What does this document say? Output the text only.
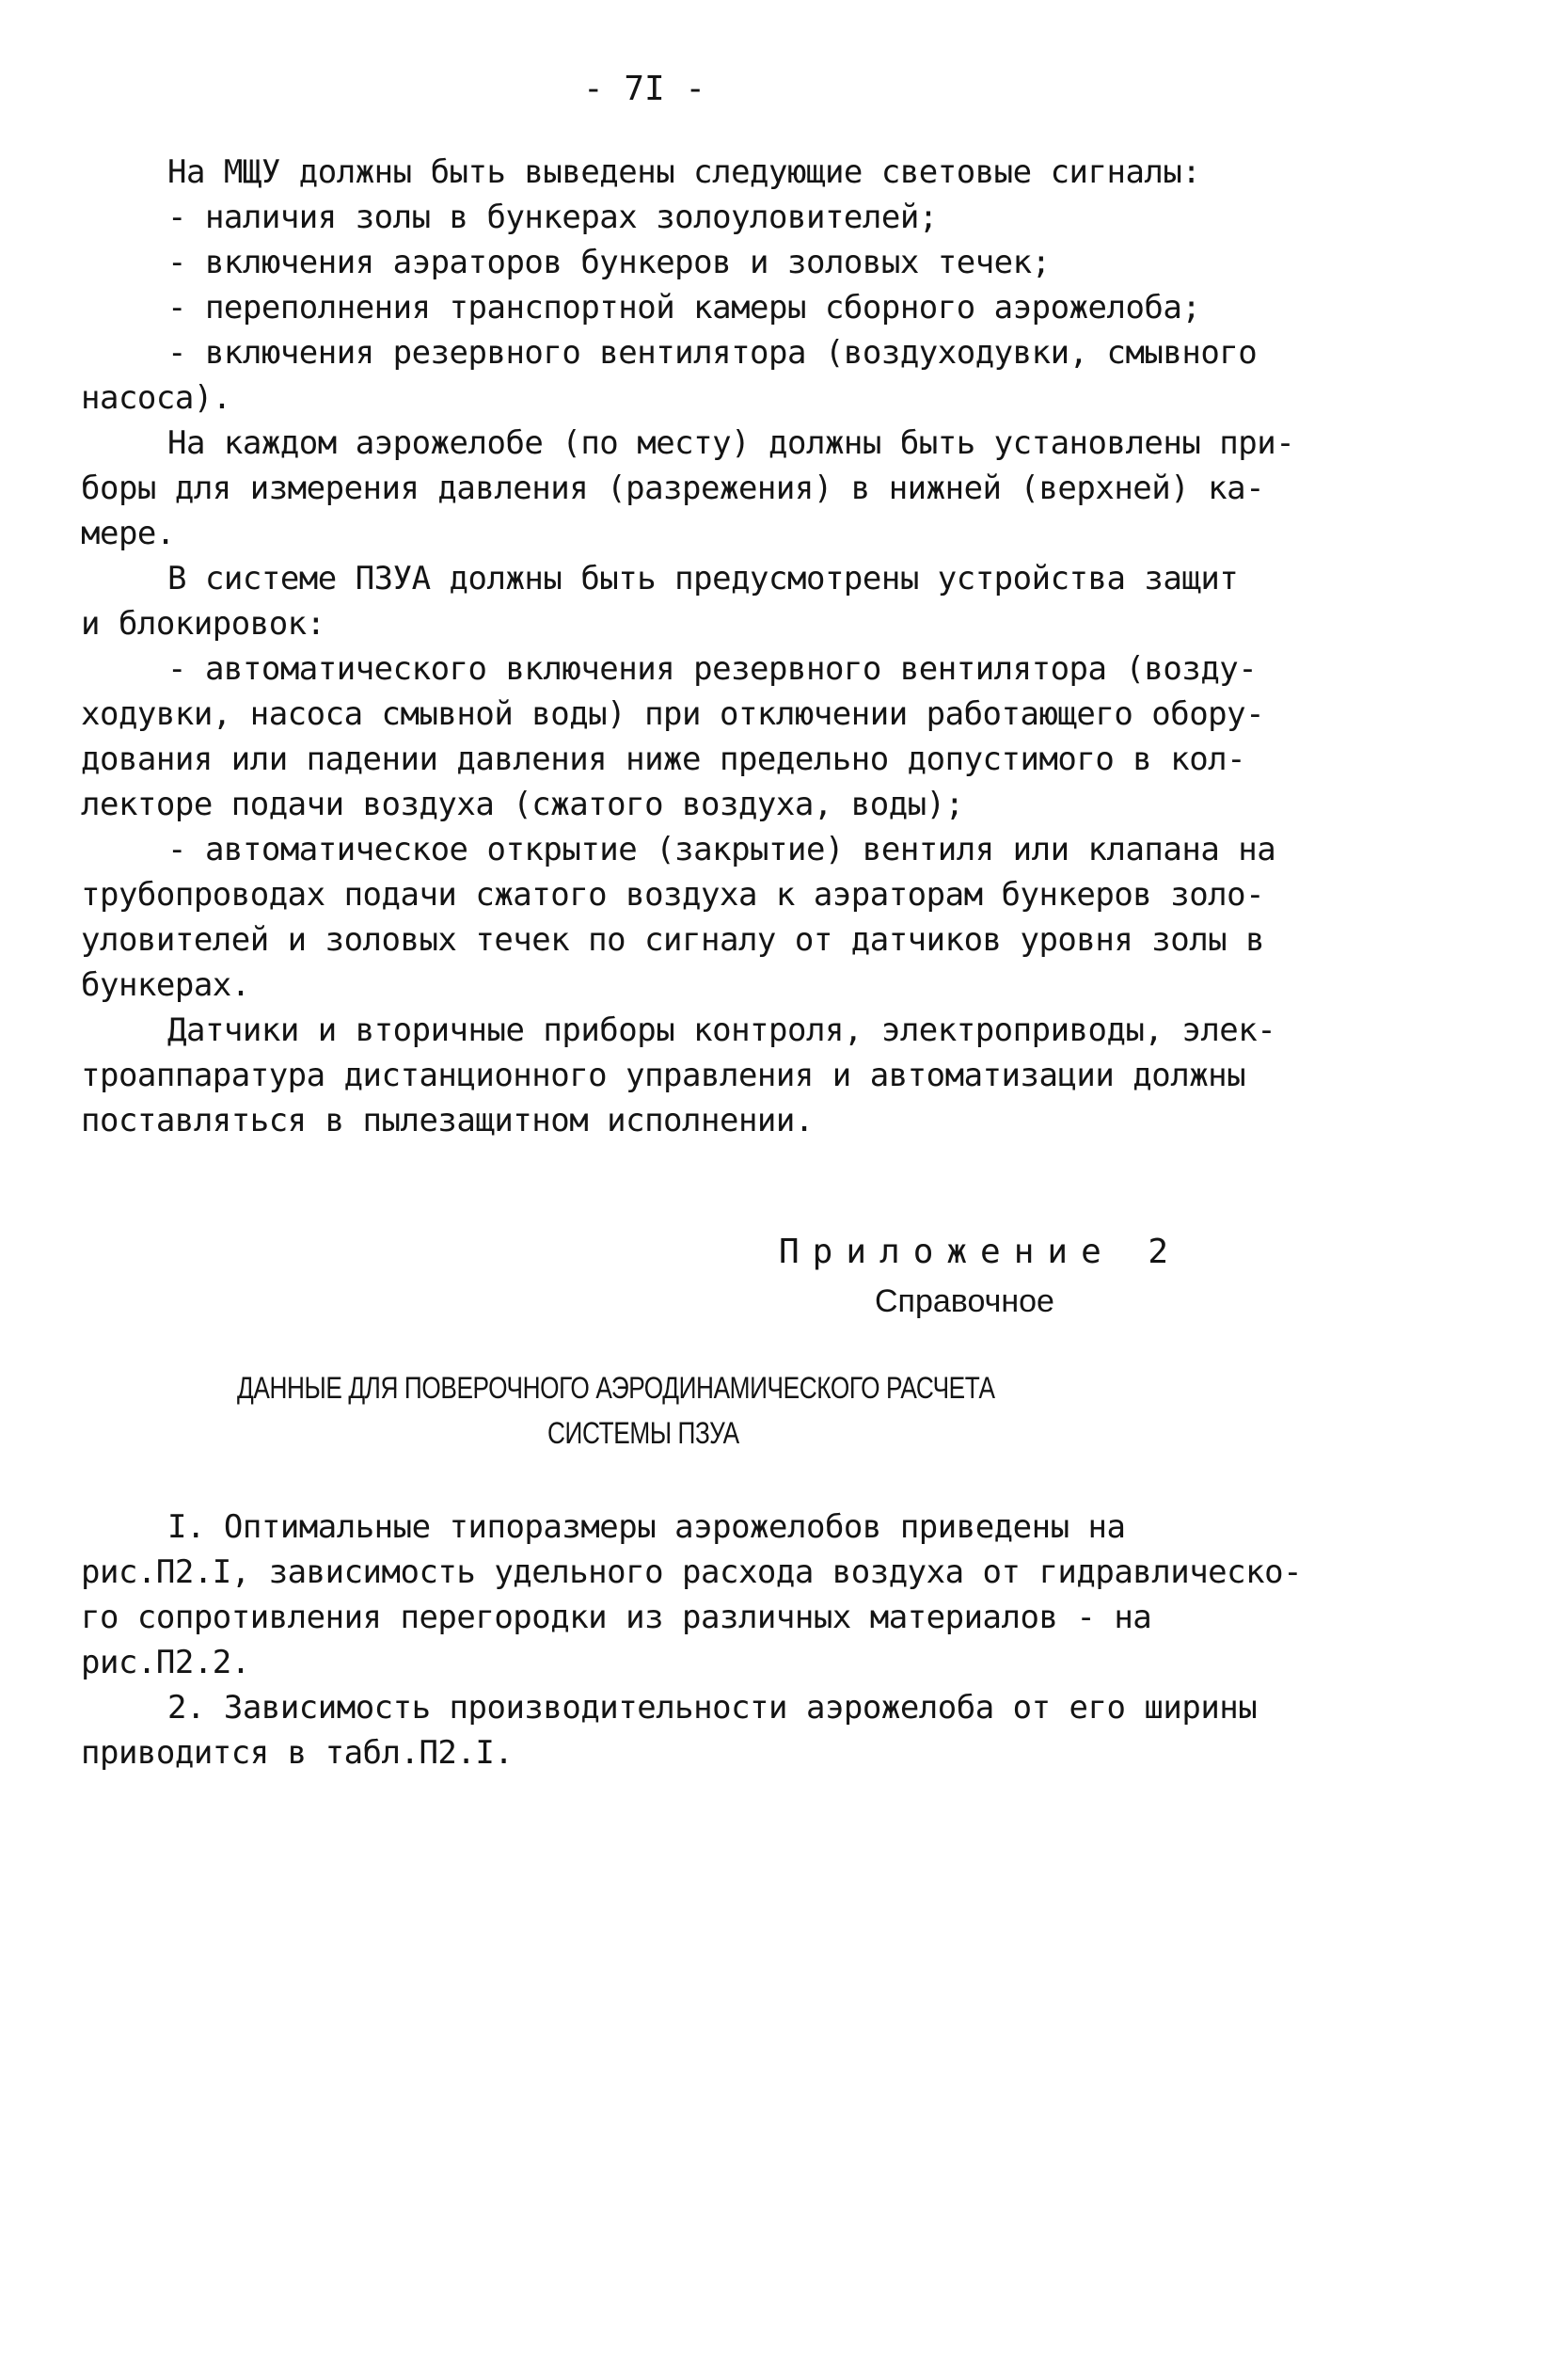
- 7I -
На МЩУ должны быть выведены следующие световые сигналы:
- наличия золы в бункерах золоуловителей;
- включения аэраторов бункеров и золовых течек;
- переполнения транспортной камеры сборного аэрожелоба;
- включения резервного вентилятора (воздуходувки, смывного
насоса).
На каждом аэрожелобе (по месту) должны быть установлены при-
боры для измерения давления (разрежения) в нижней (верхней) ка-
мере.
В системе ПЗУА должны быть предусмотрены устройства защит
и блокировок:
- автоматического включения резервного вентилятора (возду-
ходувки, насоса смывной воды) при отключении работающего обору-
дования или падении давления ниже предельно допустимого в кол-
лекторе подачи воздуха (сжатого воздуха, воды);
- автоматическое открытие (закрытие) вентиля или клапана на
трубопроводах подачи сжатого воздуха к аэраторам бункеров золо-
уловителей и золовых течек по сигналу от датчиков уровня золы в
бункерах.
Датчики и вторичные приборы контроля, электроприводы, элек-
троаппаратура дистанционного управления и автоматизации должны
поставляться в пылезащитном исполнении.
Приложение 2
Справочное
ДАННЫЕ ДЛЯ ПОВЕРОЧНОГО АЭРОДИНАМИЧЕСКОГО РАСЧЕТА
СИСТЕМЫ ПЗУА
I. Оптимальные типоразмеры аэрожелобов приведены на
рис.П2.I, зависимость удельного расхода воздуха от гидравлическо-
го сопротивления перегородки из различных материалов - на
рис.П2.2.
2. Зависимость производительности аэрожелоба от его ширины
приводится в табл.П2.I.
